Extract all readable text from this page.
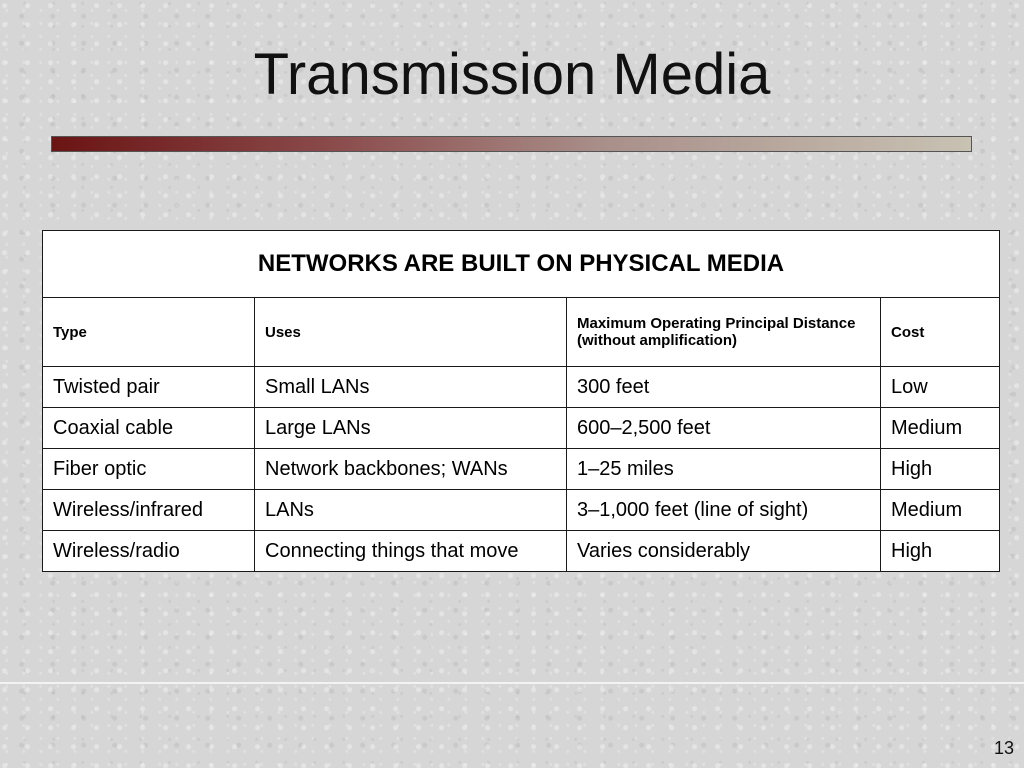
Transmission Media
NETWORKS ARE BUILT ON PHYSICAL MEDIA			
Type	Uses	Maximum Operating Principal Distance (without amplification)	Cost
Twisted pair	Small LANs	300 feet	Low
Coaxial cable	Large LANs	600–2,500 feet	Medium
Fiber optic	Network backbones; WANs	1–25 miles	High
Wireless/infrared	LANs	3–1,000 feet (line of sight)	Medium
Wireless/radio	Connecting things that move	Varies considerably	High
13
